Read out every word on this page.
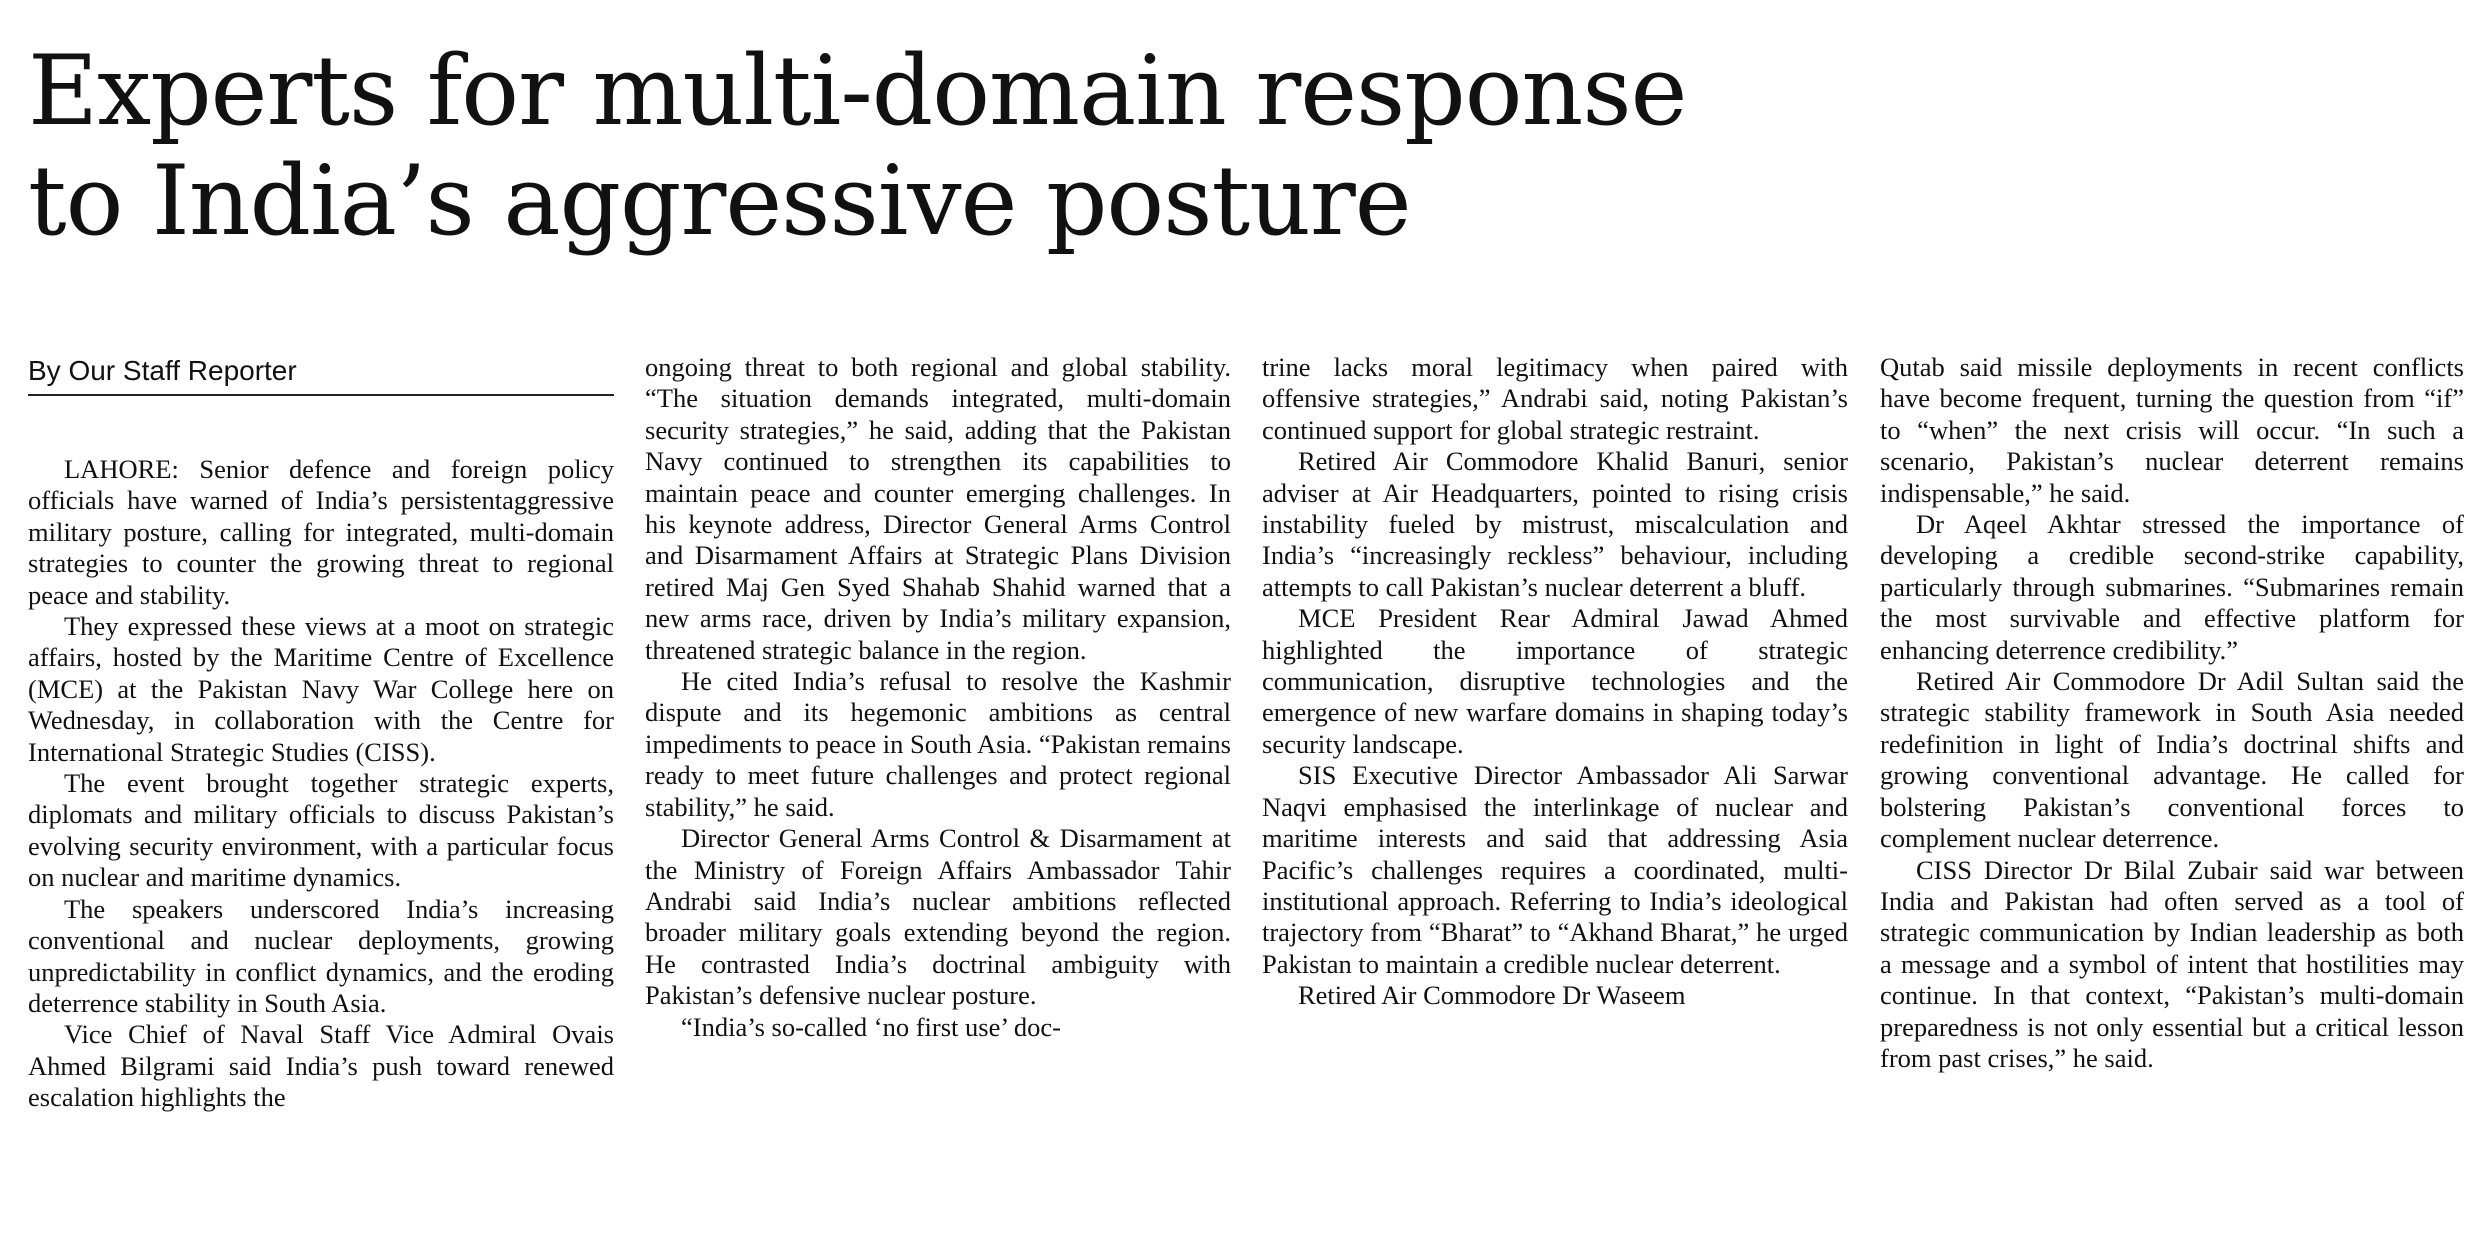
Experts for multi-domain response
to India’s aggressive posture
By Our Staff Reporter

LAHORE: Senior defence and foreign policy officials have warned of India’s persistentaggressive military posture, calling for integrated, multi-domain strategies to counter the growing threat to regional peace and stability.

They expressed these views at a moot on strategic affairs, hosted by the Maritime Centre of Excellence (MCE) at the Pakistan Navy War College here on Wednesday, in collaboration with the Centre for International Strategic Studies (CISS).

The event brought together strategic experts, diplomats and military officials to discuss Pakistan’s evolving security environment, with a particular focus on nuclear and maritime dynamics.

The speakers underscored India’s increasing conventional and nuclear deployments, growing unpredictability in conflict dynamics, and the eroding deterrence stability in South Asia.

Vice Chief of Naval Staff Vice Admiral Ovais Ahmed Bilgrami said India’s push toward renewed escalation highlights the

ongoing threat to both regional and global stability. “The situation demands integrated, multi-domain security strategies,” he said, adding that the Pakistan Navy continued to strengthen its capabilities to maintain peace and counter emerging challenges. In his keynote address, Director General Arms Control and Disarmament Affairs at Strategic Plans Division retired Maj Gen Syed Shahab Shahid warned that a new arms race, driven by India’s military expansion, threatened strategic balance in the region.

He cited India’s refusal to resolve the Kashmir dispute and its hegemonic ambitions as central impediments to peace in South Asia. “Pakistan remains ready to meet future challenges and protect regional stability,” he said.

Director General Arms Control & Disarmament at the Ministry of Foreign Affairs Ambassador Tahir Andrabi said India’s nuclear ambitions reflected broader military goals extending beyond the region. He contrasted India’s doctrinal ambiguity with Pakistan’s defensive nuclear posture.

“India’s so-called ‘no first use’ doc-

trine lacks moral legitimacy when paired with offensive strategies,” Andrabi said, noting Pakistan’s continued support for global strategic restraint.

Retired Air Commodore Khalid Banuri, senior adviser at Air Headquarters, pointed to rising crisis instability fueled by mistrust, miscalculation and India’s “increasingly reckless” behaviour, including attempts to call Pakistan’s nuclear deterrent a bluff.

MCE President Rear Admiral Jawad Ahmed highlighted the importance of strategic communication, disruptive technologies and the emergence of new warfare domains in shaping today’s security landscape.

SIS Executive Director Ambassador Ali Sarwar Naqvi emphasised the interlinkage of nuclear and maritime interests and said that addressing Asia Pacific’s challenges requires a coordinated, multi-institutional approach. Referring to India’s ideological trajectory from “Bharat” to “Akhand Bharat,” he urged Pakistan to maintain a credible nuclear deterrent.

Retired Air Commodore Dr Waseem

Qutab said missile deployments in recent conflicts have become frequent, turning the question from “if” to “when” the next crisis will occur. “In such a scenario, Pakistan’s nuclear deterrent remains indispensable,” he said.

Dr Aqeel Akhtar stressed the importance of developing a credible second-strike capability, particularly through submarines. “Submarines remain the most survivable and effective platform for enhancing deterrence credibility.”

Retired Air Commodore Dr Adil Sultan said the strategic stability framework in South Asia needed redefinition in light of India’s doctrinal shifts and growing conventional advantage. He called for bolstering Pakistan’s conventional forces to complement nuclear deterrence.

CISS Director Dr Bilal Zubair said war between India and Pakistan had often served as a tool of strategic communication by Indian leadership as both a message and a symbol of intent that hostilities may continue. In that context, “Pakistan’s multi-domain preparedness is not only essential but a critical lesson from past crises,” he said.
